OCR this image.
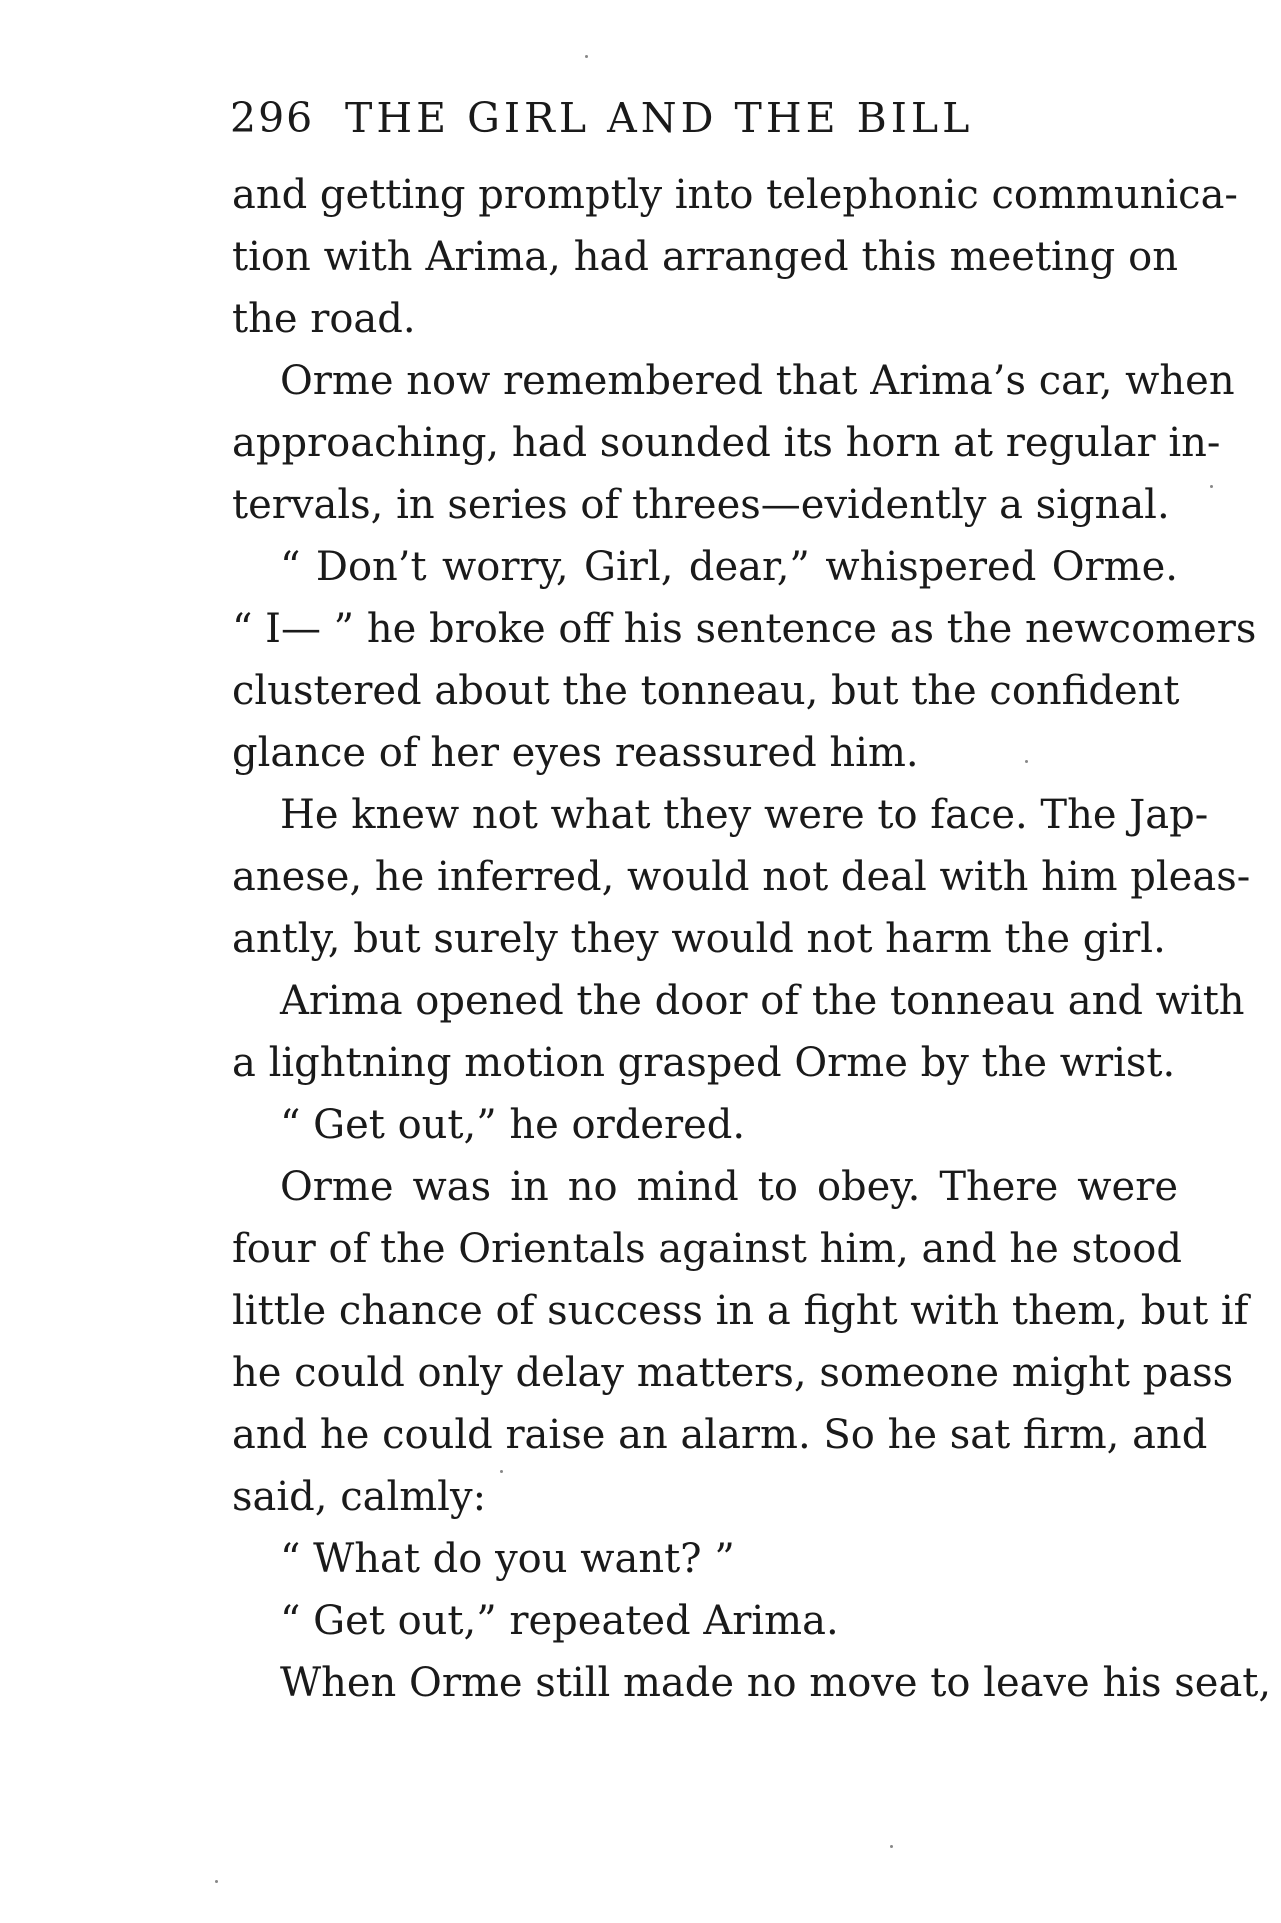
296 THE GIRL AND THE BILL
and getting promptly into telephonic communica-
tion with Arima, had arranged this meeting on
the road.
Orme now remembered that Arima’s car, when
approaching, had sounded its horn at regular in-
tervals, in series of threes—evidently a signal.
“ Don’t worry, Girl, dear,” whispered Orme.
“ I— ” he broke off his sentence as the newcomers
clustered about the tonneau, but the confident
glance of her eyes reassured him.
He knew not what they were to face. The Jap-
anese, he inferred, would not deal with him pleas-
antly, but surely they would not harm the girl.
Arima opened the door of the tonneau and with
a lightning motion grasped Orme by the wrist.
“ Get out,” he ordered.
Orme was in no mind to obey. There were
four of the Orientals against him, and he stood
little chance of success in a fight with them, but if
he could only delay matters, someone might pass
and he could raise an alarm. So he sat firm, and
said, calmly:
“ What do you want? ”
“ Get out,” repeated Arima.
When Orme still made no move to leave his seat,
